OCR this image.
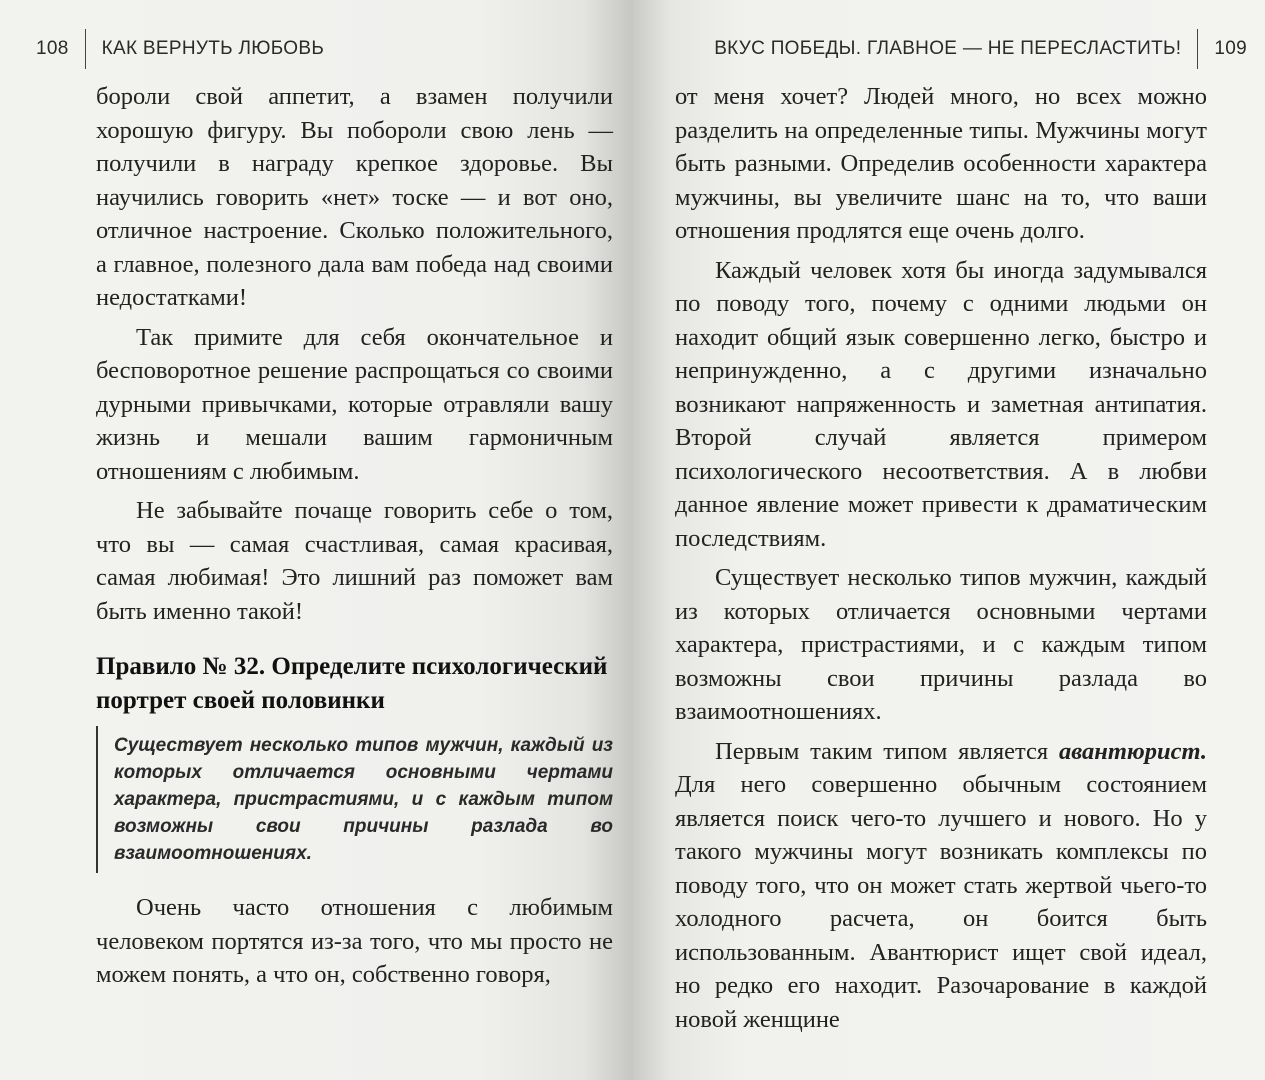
108 КАК ВЕРНУТЬ ЛЮБОВЬ

бороли свой аппетит, а взамен получили хорошую фигуру. Вы побороли свою лень — получили в награду крепкое здоровье. Вы научились говорить «нет» тоске — и вот оно, отличное настроение. Сколько положительного, а главное, полезного дала вам победа над своими недостатками!

Так примите для себя окончательное и бесповоротное решение распрощаться со своими дурными привычками, которые отравляли вашу жизнь и мешали вашим гармоничным отношениям с любимым.

Не забывайте почаще говорить себе о том, что вы — самая счастливая, самая красивая, самая любимая! Это лишний раз поможет вам быть именно такой!

Правило № 32. Определите психологический портрет своей половинки
Существует несколько типов мужчин, каждый из которых отличается основными чертами характера, пристрастиями, и с каждым типом возможны свои причины разлада во взаимоотношениях.

Очень часто отношения с любимым человеком портятся из-за того, что мы просто не можем понять, а что он, собственно говоря,

ВКУС ПОБЕДЫ. ГЛАВНОЕ — НЕ ПЕРЕСЛАСТИТЬ! 109

от меня хочет? Людей много, но всех можно разделить на определенные типы. Мужчины могут быть разными. Определив особенности характера мужчины, вы увеличите шанс на то, что ваши отношения продлятся еще очень долго.

Каждый человек хотя бы иногда задумывался по поводу того, почему с одними людьми он находит общий язык совершенно легко, быстро и непринужденно, а с другими изначально возникают напряженность и заметная антипатия. Второй случай является примером психологического несоответствия. А в любви данное явление может привести к драматическим последствиям.

Существует несколько типов мужчин, каждый из которых отличается основными чертами характера, пристрастиями, и с каждым типом возможны свои причины разлада во взаимоотношениях.

Первым таким типом является авантюрист. Для него совершенно обычным состоянием является поиск чего-то лучшего и нового. Но у такого мужчины могут возникать комплексы по поводу того, что он может стать жертвой чьего-то холодного расчета, он боится быть использованным. Авантюрист ищет свой идеал, но редко его находит. Разочарование в каждой новой женщине
